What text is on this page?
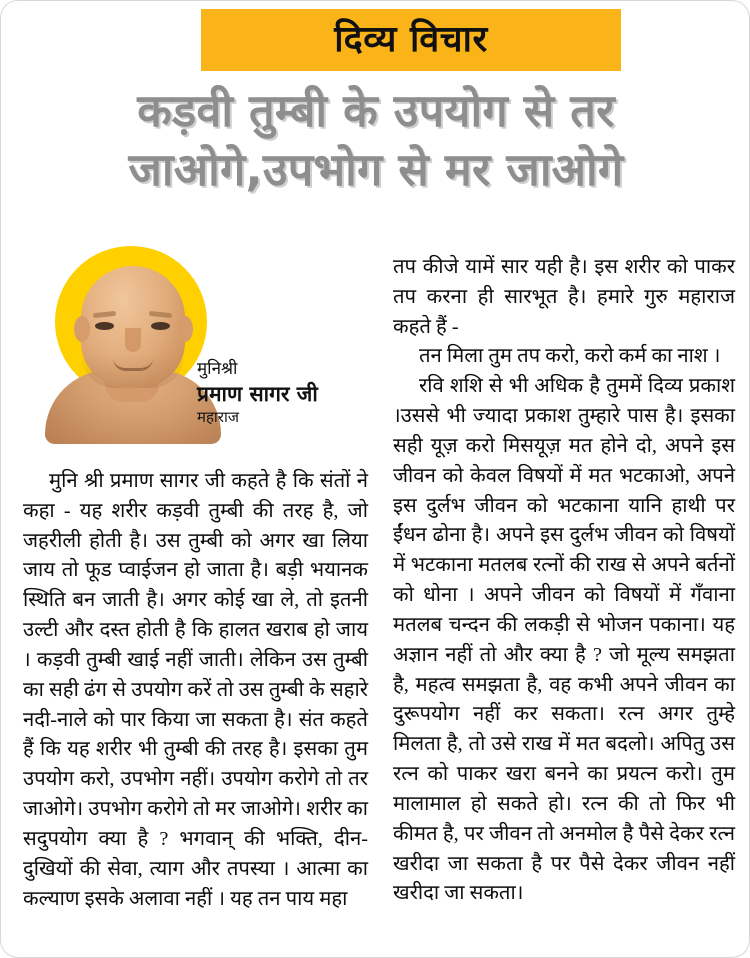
दिव्य विचार
कड़वी तुम्बी के उपयोग से तर
जाओगे,उपभोग से मर जाओगे
मुनिश्री
प्रमाण सागर जी
महाराज

मुनि श्री प्रमाण सागर जी कहते है कि संतों ने कहा - यह शरीर कड़वी तुम्बी की तरह है, जो जहरीली होती है। उस तुम्बी को अगर खा लिया जाय तो फूड प्वाईजन हो जाता है। बड़ी भयानक स्थिति बन जाती है। अगर कोई खा ले, तो इतनी उल्टी और दस्त होती है कि हालत खराब हो जाय । कड़वी तुम्बी खाई नहीं जाती। लेकिन उस तुम्बी का सही ढंग से उपयोग करें तो उस तुम्बी के सहारे नदी-नाले को पार किया जा सकता है। संत कहते हैं कि यह शरीर भी तुम्बी की तरह है। इसका तुम उपयोग करो, उपभोग नहीं। उपयोग करोगे तो तर जाओगे। उपभोग करोगे तो मर जाओगे। शरीर का सदुपयोग क्या है ? भगवान् की भक्ति, दीन-दुखियों की सेवा, त्याग और तपस्या । आत्मा का कल्याण इसके अलावा नहीं । यह तन पाय महा

तप कीजे यामें सार यही है। इस शरीर को पाकर तप करना ही सारभूत है। हमारे गुरु महाराज कहते हैं -

तन मिला तुम तप करो, करो कर्म का नाश ।

रवि शशि से भी अधिक है तुममें दिव्य प्रकाश ।उससे भी ज्यादा प्रकाश तुम्हारे पास है। इसका सही यूज़ करो मिसयूज़ मत होने दो, अपने इस जीवन को केवल विषयों में मत भटकाओ, अपने इस दुर्लभ जीवन को भटकाना यानि हाथी पर ईंधन ढोना है। अपने इस दुर्लभ जीवन को विषयों में भटकाना मतलब रत्नों की राख से अपने बर्तनों को धोना । अपने जीवन को विषयों में गँवाना मतलब चन्दन की लकड़ी से भोजन पकाना। यह अज्ञान नहीं तो और क्या है ? जो मूल्य समझता है, महत्व समझता है, वह कभी अपने जीवन का दुरूपयोग नहीं कर सकता। रत्न अगर तुम्हे मिलता है, तो उसे राख में मत बदलो। अपितु उस रत्न को पाकर खरा बनने का प्रयत्न करो। तुम मालामाल हो सकते हो। रत्न की तो फिर भी कीमत है, पर जीवन तो अनमोल है पैसे देकर रत्न खरीदा जा सकता है पर पैसे देकर जीवन नहीं खरीदा जा सकता।
